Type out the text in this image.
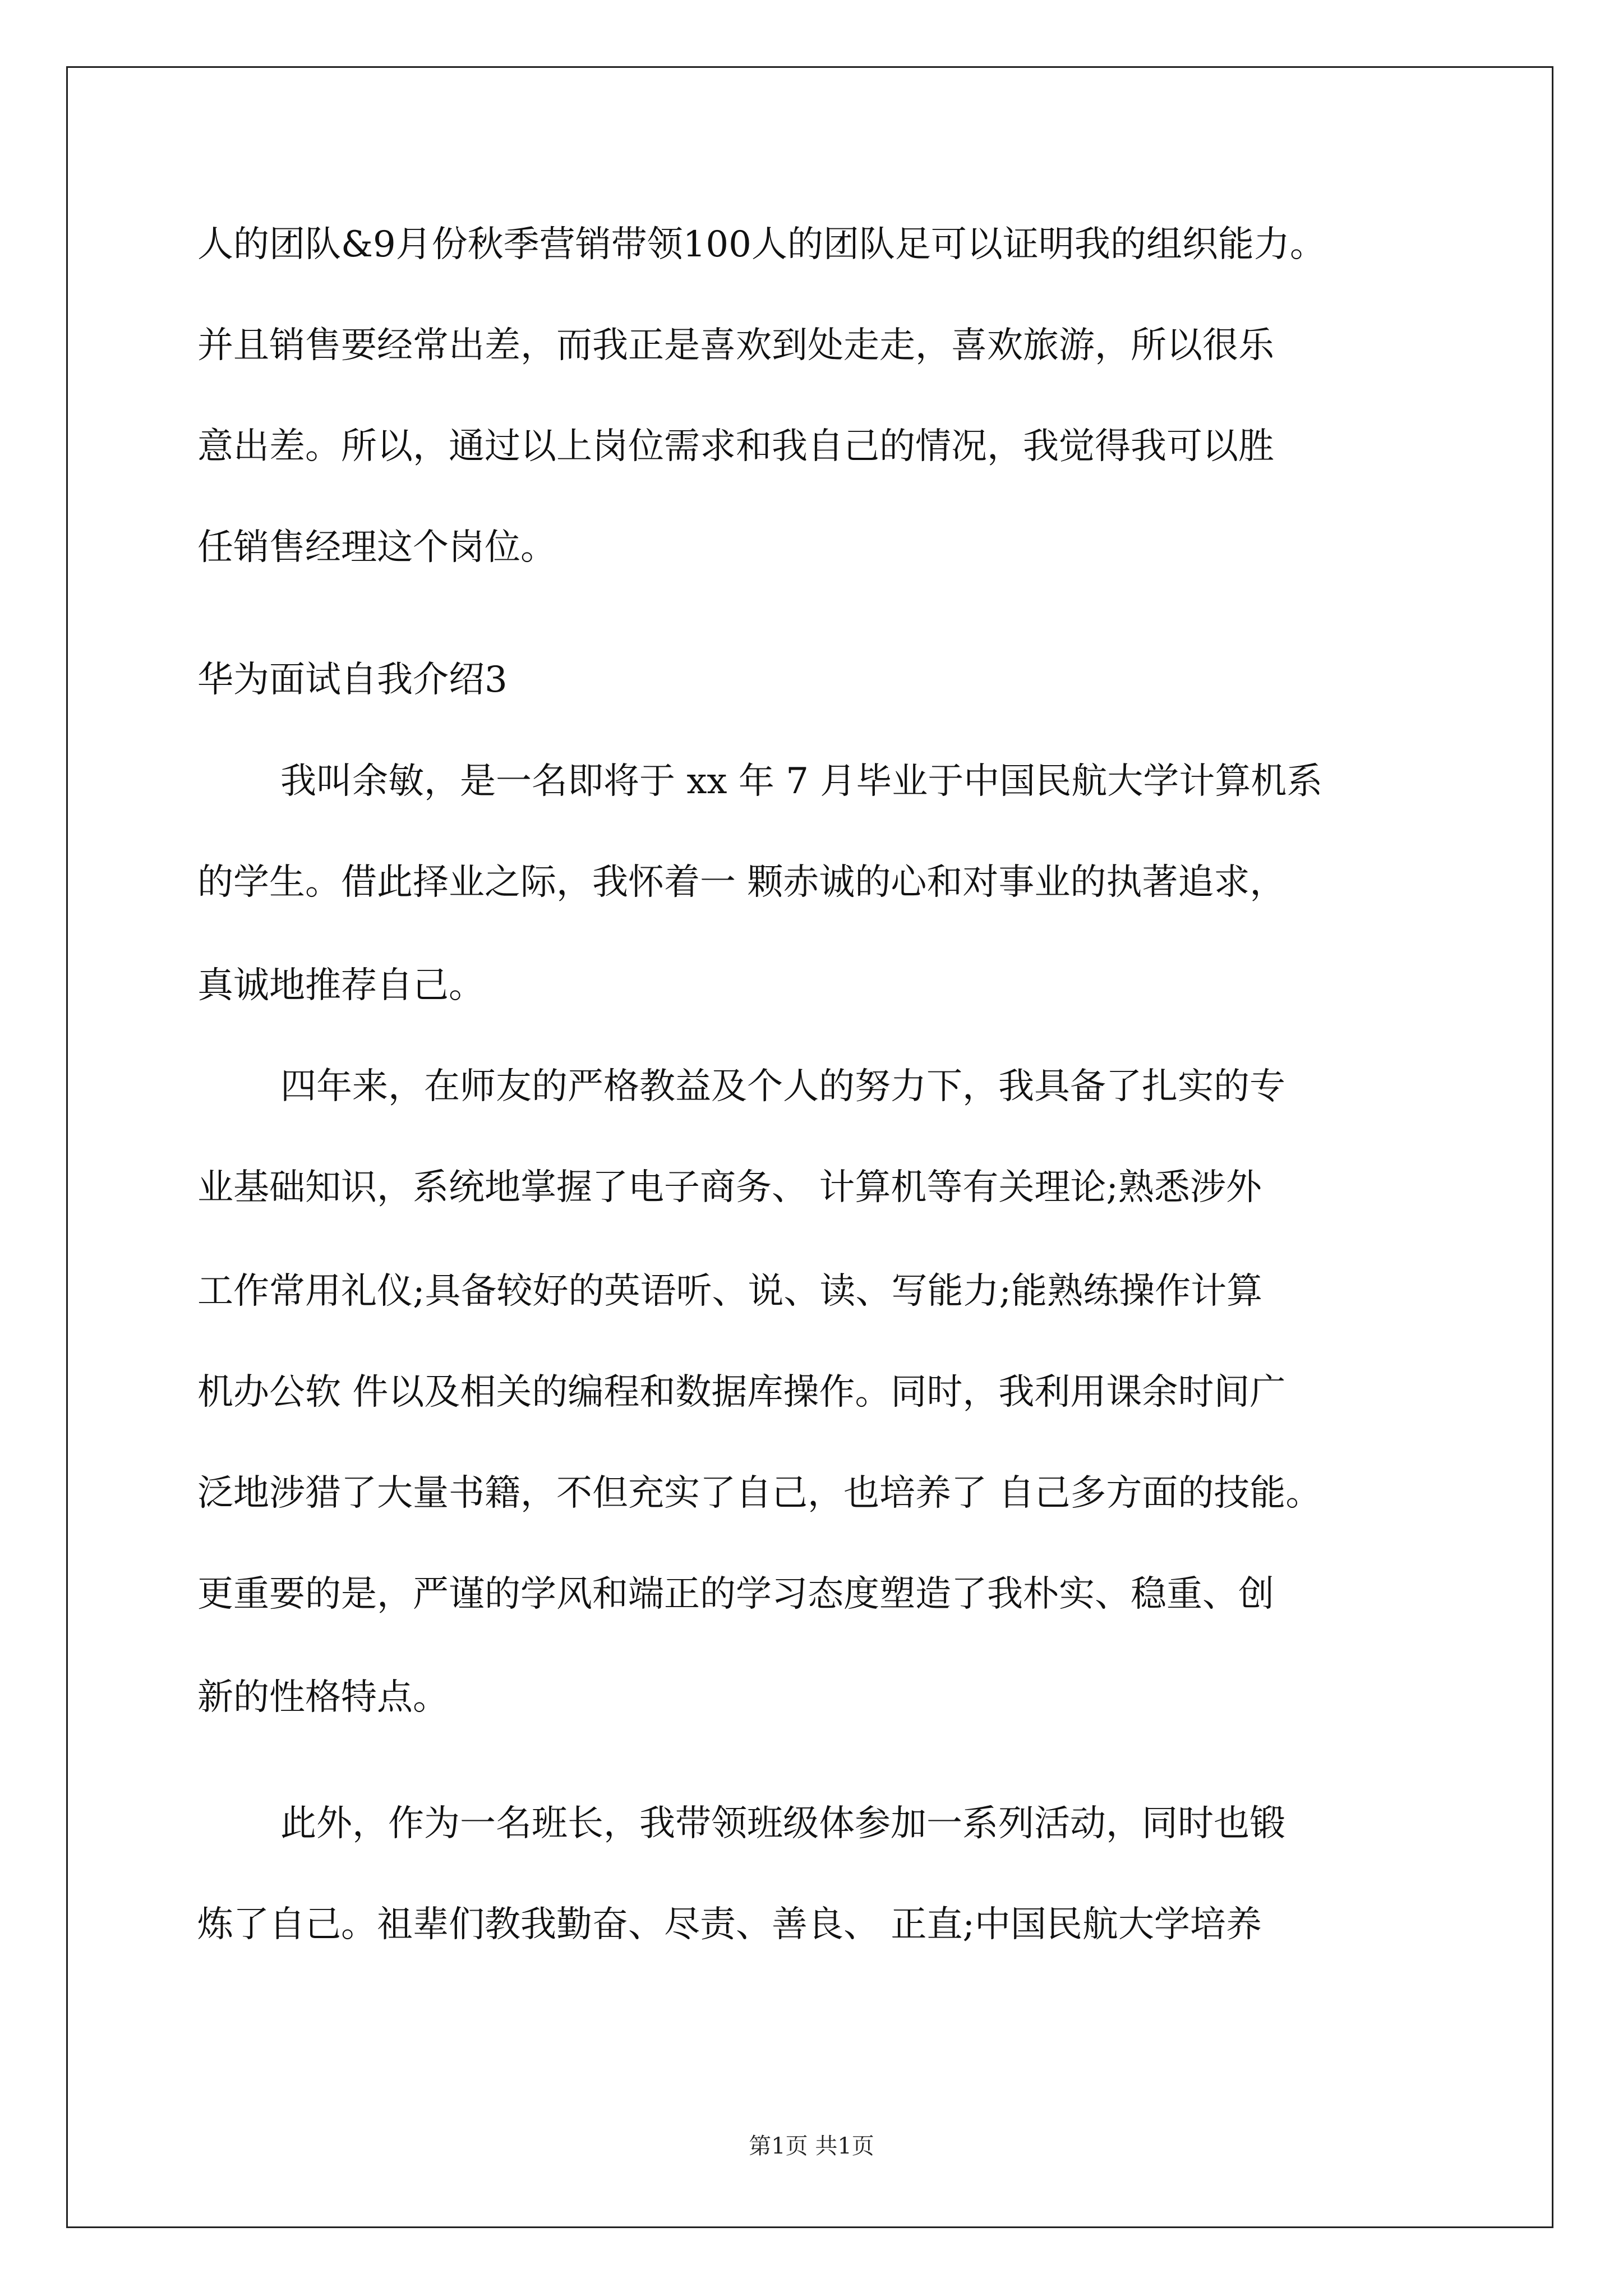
人的团队&9月份秋季营销带领100人的团队足可以证明我的组织能力。

并且销售要经常出差，而我正是喜欢到处走走，喜欢旅游，所以很乐

意出差。所以，通过以上岗位需求和我自己的情况，我觉得我可以胜

任销售经理这个岗位。

华为面试自我介绍3

我叫余敏，是一名即将于 xx 年 7 月毕业于中国民航大学计算机系

的学生。借此择业之际，我怀着一 颗赤诚的心和对事业的执著追求，

真诚地推荐自己。

四年来，在师友的严格教益及个人的努力下，我具备了扎实的专

业基础知识，系统地掌握了电子商务、 计算机等有关理论;熟悉涉外

工作常用礼仪;具备较好的英语听、说、读、写能力;能熟练操作计算

机办公软 件以及相关的编程和数据库操作。同时，我利用课余时间广

泛地涉猎了大量书籍，不但充实了自己，也培养了 自己多方面的技能。

更重要的是，严谨的学风和端正的学习态度塑造了我朴实、稳重、创

新的性格特点。

此外，作为一名班长，我带领班级体参加一系列活动，同时也锻

炼了自己。祖辈们教我勤奋、尽责、善良、 正直;中国民航大学培养

第1页 共1页
